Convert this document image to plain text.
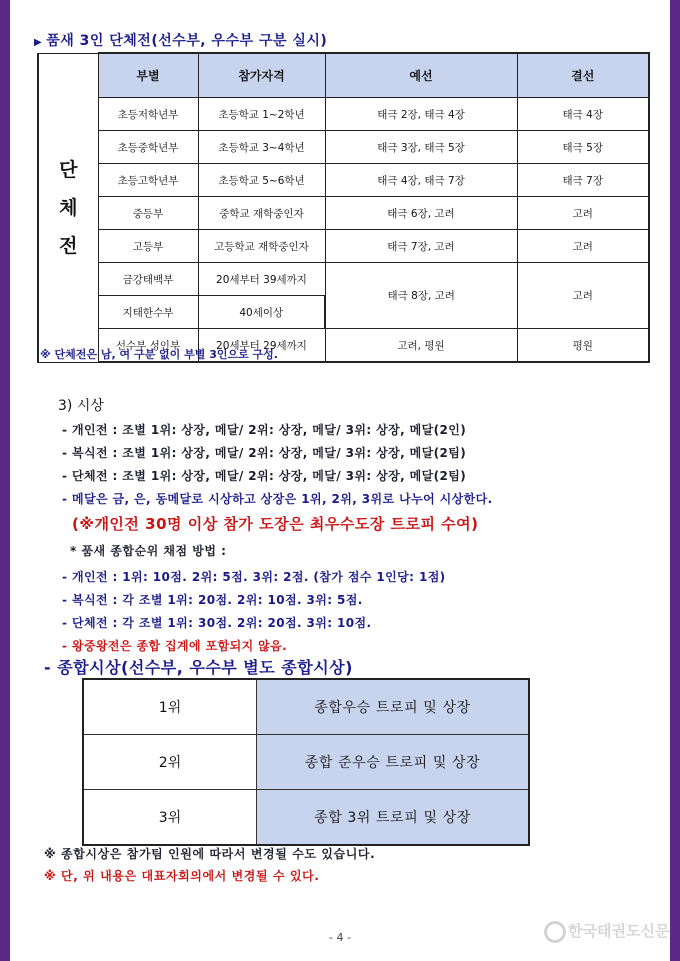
▶ 품새 3인 단체전(선수부, 우수부 구분 실시)
단
체
전	부별	참가자격	예선	결선
	초등저학년부	초등학교 1~2학년	태극 2장, 태극 4장	태극 4장
	초등중학년부	초등학교 3~4학년	태극 3장, 태극 5장	태극 5장
	초등고학년부	초등학교 5~6학년	태극 4장, 태극 7장	태극 7장
	중등부	중학교 재학중인자	태극 6장, 고려	고려
	고등부	고등학교 재학중인자	태극 7장, 고려	고려
	금강태백부	20세부터 39세까지	태극 8장, 고려	고려
	지태한수부	40세이상		
	선수부 성인부	20세부터 29세까지	고려, 평원	평원
※ 단체전은 남, 여 구분 없이 부별 3인으로 구성.
3) 시상
- 개인전 : 조별 1위: 상장, 메달/ 2위: 상장, 메달/ 3위: 상장, 메달(2인)
- 복식전 : 조별 1위: 상장, 메달/ 2위: 상장, 메달/ 3위: 상장, 메달(2팀)
- 단체전 : 조별 1위: 상장, 메달/ 2위: 상장, 메달/ 3위: 상장, 메달(2팀)
- 메달은 금, 은, 동메달로 시상하고 상장은 1위, 2위, 3위로 나누어 시상한다.
(※개인전 30명 이상 참가 도장은 최우수도장 트로피 수여)
* 품새 종합순위 채점 방법 :
- 개인전 : 1위: 10점. 2위: 5점. 3위: 2점. (참가 점수 1인당: 1점)
- 복식전 : 각 조별 1위: 20점. 2위: 10점. 3위: 5점.
- 단체전 : 각 조별 1위: 30점. 2위: 20점. 3위: 10점.
- 왕중왕전은 종합 집계에 포함되지 않음.
- 종합시상(선수부, 우수부 별도 종합시상)
1위	종합우승 트로피 및 상장
2위	종합 준우승 트로피 및 상장
3위	종합 3위 트로피 및 상장
※ 종합시상은 참가팀 인원에 따라서 변경될 수도 있습니다.
※ 단, 위 내용은 대표자회의에서 변경될 수 있다.
- 4 -	한국태권도신문
